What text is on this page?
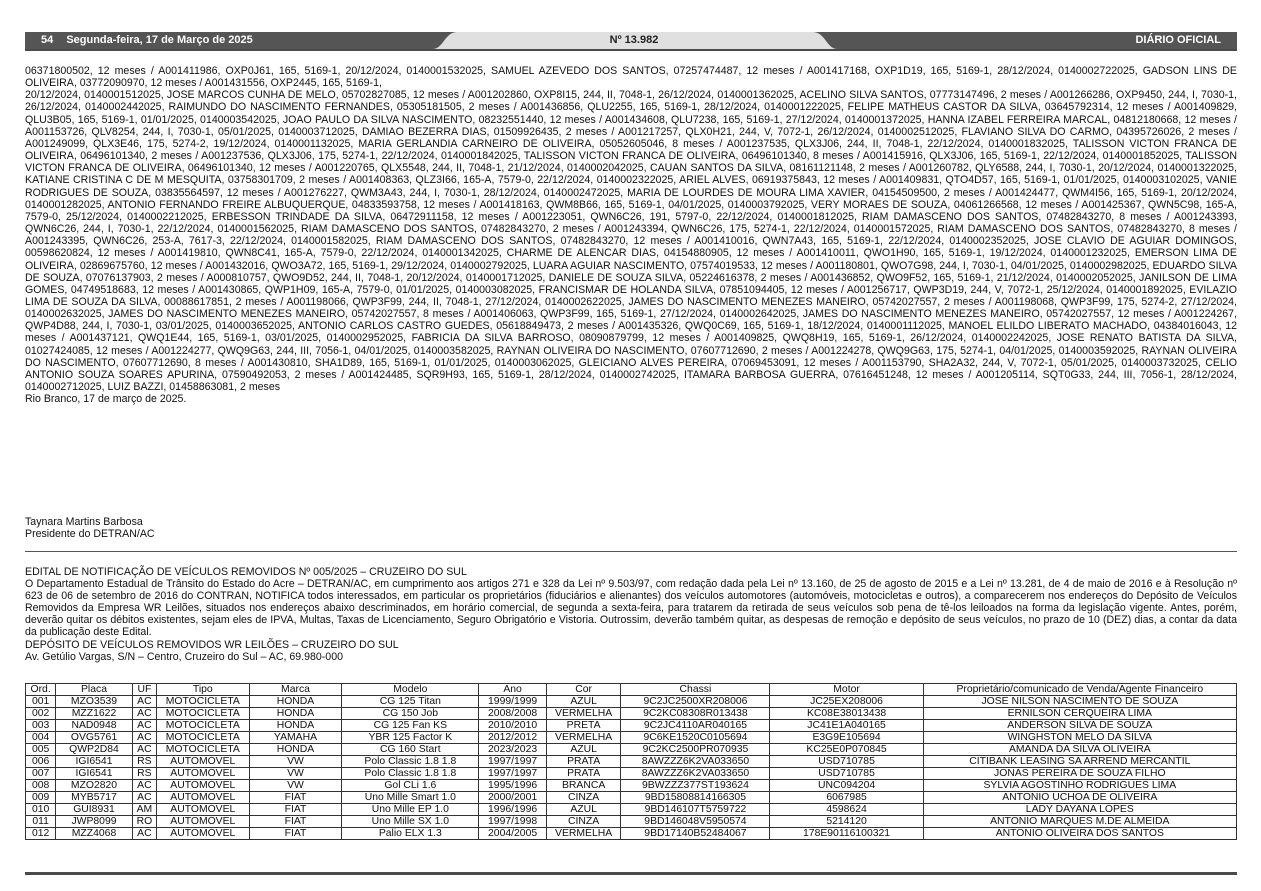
54 Segunda-feira, 17 de Março de 2025	Nº 13.982	DIÁRIO OFICIAL

06371800502, 12 meses / A001411986, OXP0J61, 165, 5169-1, 20/12/2024, 0140001532025, SAMUEL AZEVEDO DOS SANTOS, 07257474487, 12 meses / A001417168, OXP1D19, 165, 5169-1, 28/12/2024, 0140002722025, GADSON LINS DE OLIVEIRA, 03772090970, 12 meses / A001431556, OXP2445, 165, 5169-1,

20/12/2024, 0140001512025, JOSE MARCOS CUNHA DE MELO, 05702827085, 12 meses / A001202860, OXP8I15, 244, II, 7048-1, 26/12/2024, 0140001362025, ACELINO SILVA SANTOS, 07773147496, 2 meses / A001266286, OXP9450, 244, I, 7030-1, 26/12/2024, 0140002442025, RAIMUNDO DO NASCIMENTO FERNANDES, 05305181505, 2 meses / A001436856, QLU2255, 165, 5169-1, 28/12/2024, 0140001222025, FELIPE MATHEUS CASTOR DA SILVA, 03645792314, 12 meses / A001409829, QLU3B05, 165, 5169-1, 01/01/2025, 0140003542025, JOAO PAULO DA SILVA NASCIMENTO, 08232551440, 12 meses / A001434608, QLU7238, 165, 5169-1, 27/12/2024, 0140001372025, HANNA IZABEL FERREIRA MARCAL, 04812180668, 12 meses / A001153726, QLV8254, 244, I, 7030-1, 05/01/2025, 0140003712025, DAMIAO BEZERRA DIAS, 01509926435, 2 meses / A001217257, QLX0H21, 244, V, 7072-1, 26/12/2024, 0140002512025, FLAVIANO SILVA DO CARMO, 04395726026, 2 meses / A001249099, QLX3E46, 175, 5274-2, 19/12/2024, 0140001132025, MARIA GERLANDIA CARNEIRO DE OLIVEIRA, 05052605046, 8 meses / A001237535, QLX3J06, 244, II, 7048-1, 22/12/2024, 0140001832025, TALISSON VICTON FRANCA DE OLIVEIRA, 06496101340, 2 meses / A001237536, QLX3J06, 175, 5274-1, 22/12/2024, 0140001842025, TALISSON VICTON FRANCA DE OLIVEIRA, 06496101340, 8 meses / A001415916, QLX3J06, 165, 5169-1, 22/12/2024, 0140001852025, TALISSON VICTON FRANCA DE OLIVEIRA, 06496101340, 12 meses / A001220765, QLX5548, 244, II, 7048-1, 21/12/2024, 0140002042025, CAUAN SANTOS DA SILVA, 08161121148, 2 meses / A001260782, QLY6588, 244, I, 7030-1, 20/12/2024, 0140001322025, KATIANE CRISTINA C DE M MESQUITA, 03758301709, 2 meses / A001408363, QLZ3I66, 165-A, 7579-0, 22/12/2024, 0140002322025, ARIEL ALVES, 06919375843, 12 meses / A001409831, QTO4D57, 165, 5169-1, 01/01/2025, 0140003102025, VANIE RODRIGUES DE SOUZA, 03835564597, 12 meses / A001276227, QWM3A43, 244, I, 7030-1, 28/12/2024, 0140002472025, MARIA DE LOURDES DE MOURA LIMA XAVIER, 04154509500, 2 meses / A001424477, QWM4I56, 165, 5169-1, 20/12/2024, 0140001282025, ANTONIO FERNANDO FREIRE ALBUQUERQUE, 04833593758, 12 meses / A001418163, QWM8B66, 165, 5169-1, 04/01/2025, 0140003792025, VERY MORAES DE SOUZA, 04061266568, 12 meses / A001425367, QWN5C98, 165-A, 7579-0, 25/12/2024, 0140002212025, ERBESSON TRINDADE DA SILVA, 06472911158, 12 meses / A001223051, QWN6C26, 191, 5797-0, 22/12/2024, 0140001812025, RIAM DAMASCENO DOS SANTOS, 07482843270, 8 meses / A001243393, QWN6C26, 244, I, 7030-1, 22/12/2024, 0140001562025, RIAM DAMASCENO DOS SANTOS, 07482843270, 2 meses / A001243394, QWN6C26, 175, 5274-1, 22/12/2024, 0140001572025, RIAM DAMASCENO DOS SANTOS, 07482843270, 8 meses / A001243395, QWN6C26, 253-A, 7617-3, 22/12/2024, 0140001582025, RIAM DAMASCENO DOS SANTOS, 07482843270, 12 meses / A001410016, QWN7A43, 165, 5169-1, 22/12/2024, 0140002352025, JOSE CLAVIO DE AGUIAR DOMINGOS, 00598620824, 12 meses / A001419810, QWN8C41, 165-A, 7579-0, 22/12/2024, 0140001342025, CHARME DE ALENCAR DIAS, 04154880905, 12 meses / A001410011, QWO1H90, 165, 5169-1, 19/12/2024, 0140001232025, EMERSON LIMA DE OLIVEIRA, 02869675760, 12 meses / A001432016, QWO3A72, 165, 5169-1, 29/12/2024, 0140002792025, LUARA AGUIAR NASCIMENTO, 07574019533, 12 meses / A001180801, QWO7G98, 244, I, 7030-1, 04/01/2025, 0140002982025, EDUARDO SILVA DE SOUZA, 07076137903, 2 meses / A000810757, QWO9D52, 244, II, 7048-1, 20/12/2024, 0140001712025, DANIELE DE SOUZA SILVA, 05224616378, 2 meses / A001436852, QWO9F52, 165, 5169-1, 21/12/2024, 0140002052025, JANILSON DE LIMA GOMES, 04749518683, 12 meses / A001430865, QWP1H09, 165-A, 7579-0, 01/01/2025, 0140003082025, FRANCISMAR DE HOLANDA SILVA, 07851094405, 12 meses / A001256717, QWP3D19, 244, V, 7072-1, 25/12/2024, 0140001892025, EVILAZIO LIMA DE SOUZA DA SILVA, 00088617851, 2 meses / A001198066, QWP3F99, 244, II, 7048-1, 27/12/2024, 0140002622025, JAMES DO NASCIMENTO MENEZES MANEIRO, 05742027557, 2 meses / A001198068, QWP3F99, 175, 5274-2, 27/12/2024, 0140002632025, JAMES DO NASCIMENTO MENEZES MANEIRO, 05742027557, 8 meses / A001406063, QWP3F99, 165, 5169-1, 27/12/2024, 0140002642025, JAMES DO NASCIMENTO MENEZES MANEIRO, 05742027557, 12 meses / A001224267, QWP4D88, 244, I, 7030-1, 03/01/2025, 0140003652025, ANTONIO CARLOS CASTRO GUEDES, 05618849473, 2 meses / A001435326, QWQ0C69, 165, 5169-1, 18/12/2024, 0140001112025, MANOEL ELILDO LIBERATO MACHADO, 04384016043, 12 meses / A001437121, QWQ1E44, 165, 5169-1, 03/01/2025, 0140002952025, FABRICIA DA SILVA BARROSO, 08090879799, 12 meses / A001409825, QWQ8H19, 165, 5169-1, 26/12/2024, 0140002242025, JOSE RENATO BATISTA DA SILVA, 01027424085, 12 meses / A001224277, QWQ9G63, 244, III, 7056-1, 04/01/2025, 0140003582025, RAYNAN OLIVEIRA DO NASCIMENTO, 07607712690, 2 meses / A001224278, QWQ9G63, 175, 5274-1, 04/01/2025, 0140003592025, RAYNAN OLIVEIRA DO NASCIMENTO, 07607712690, 8 meses / A001430810, SHA1D89, 165, 5169-1, 01/01/2025, 0140003062025, GLEICIANO ALVES PEREIRA, 07069453091, 12 meses / A001153790, SHA2A32, 244, V, 7072-1, 05/01/2025, 0140003732025, CELIO ANTONIO SOUZA SOARES APURINA, 07590492053, 2 meses / A001424485, SQR9H93, 165, 5169-1, 28/12/2024, 0140002742025, ITAMARA BARBOSA GUERRA, 07616451248, 12 meses / A001205114, SQT0G33, 244, III, 7056-1, 28/12/2024, 0140002712025, LUIZ BAZZI, 01458863081, 2 meses

Rio Branco, 17 de março de 2025.

Taynara Martins Barbosa

Presidente do DETRAN/AC

EDITAL DE NOTIFICAÇÃO DE VEÍCULOS REMOVIDOS Nº 005/2025 – CRUZEIRO DO SUL

O Departamento Estadual de Trânsito do Estado do Acre – DETRAN/AC, em cumprimento aos artigos 271 e 328 da Lei nº 9.503/97, com redação dada pela Lei nº 13.160, de 25 de agosto de 2015 e a Lei nº 13.281, de 4 de maio de 2016 e à Resolução nº 623 de 06 de setembro de 2016 do CONTRAN, NOTIFICA todos interessados, em particular os proprietários (fiduciários e alienantes) dos veículos automotores (automóveis, motocicletas e outros), a comparecerem nos endereços do Depósito de Veículos Removidos da Empresa WR Leilões, situados nos endereços abaixo descriminados, em horário comercial, de segunda a sexta-feira, para tratarem da retirada de seus veículos sob pena de tê-los leiloados na forma da legislação vigente. Antes, porém, deverão quitar os débitos existentes, sejam eles de IPVA, Multas, Taxas de Licenciamento, Seguro Obrigatório e Vistoria. Outrossim, deverão também quitar, as despesas de remoção e depósito de seus veículos, no prazo de 10 (DEZ) dias, a contar da data da publicação deste Edital.

DEPÓSITO DE VEÍCULOS REMOVIDOS WR LEILÕES – CRUZEIRO DO SUL

Av. Getúlio Vargas, S/N – Centro, Cruzeiro do Sul – AC, 69.980-000

Ord.	Placa	UF	Tipo	Marca	Modelo	Ano	Cor	Chassi	Motor	Proprietário/comunicado de Venda/Agente Financeiro
001	MZO3539	AC	MOTOCICLETA	HONDA	CG 125 Titan	1999/1999	AZUL	9C2JC2500XR208006	JC25EX208006	JOSE NILSON NASCIMENTO DE SOUZA
002	MZZ1622	AC	MOTOCICLETA	HONDA	CG 150 Job	2008/2008	VERMELHA	9C2KC08308R013438	KC08E38013438	ERNILSON CERQUEIRA LIMA
003	NAD0948	AC	MOTOCICLETA	HONDA	CG 125 Fan KS	2010/2010	PRETA	9C2JC4110AR040165	JC41E1A040165	ANDERSON SILVA DE SOUZA
004	OVG5761	AC	MOTOCICLETA	YAMAHA	YBR 125 Factor K	2012/2012	VERMELHA	9C6KE1520C0105694	E3G9E105694	WINGHSTON MELO DA SILVA
005	QWP2D84	AC	MOTOCICLETA	HONDA	CG 160 Start	2023/2023	AZUL	9C2KC2500PR070935	KC25E0P070845	AMANDA DA SILVA OLIVEIRA
006	IGI6541	RS	AUTOMÓVEL	VW	Polo Classic 1.8 1.8	1997/1997	PRATA	8AWZZZ6K2VA033650	USD710785	CITIBANK LEASING SA ARREND MERCANTIL
007	IGI6541	RS	AUTOMÓVEL	VW	Polo Classic 1.8 1.8	1997/1997	PRATA	8AWZZZ6K2VA033650	USD710785	JONAS PEREIRA DE SOUZA FILHO
008	MZO2820	AC	AUTOMÓVEL	VW	Gol CLi 1.6	1995/1996	BRANCA	9BWZZZ377ST193624	UNC094204	SYLVIA AGOSTINHO RODRIGUES LIMA
009	MYB5717	AC	AUTOMÓVEL	FIAT	Uno Mille Smart 1.0	2000/2001	CINZA	9BD15808814166305	6067985	ANTONIO UCHOA DE OLIVEIRA
010	GUI8931	AM	AUTOMÓVEL	FIAT	Uno Mille EP 1.0	1996/1996	AZUL	9BD146107T5759722	4598624	LADY DAYANA LOPES
011	JWP8099	RO	AUTOMÓVEL	FIAT	Uno Mille SX 1.0	1997/1998	CINZA	9BD146048V5950574	5214120	ANTONIO MARQUES M.DE ALMEIDA
012	MZZ4068	AC	AUTOMÓVEL	FIAT	Palio ELX 1.3	2004/2005	VERMELHA	9BD17140B52484067	178E90116100321	ANTONIO OLIVEIRA DOS SANTOS
